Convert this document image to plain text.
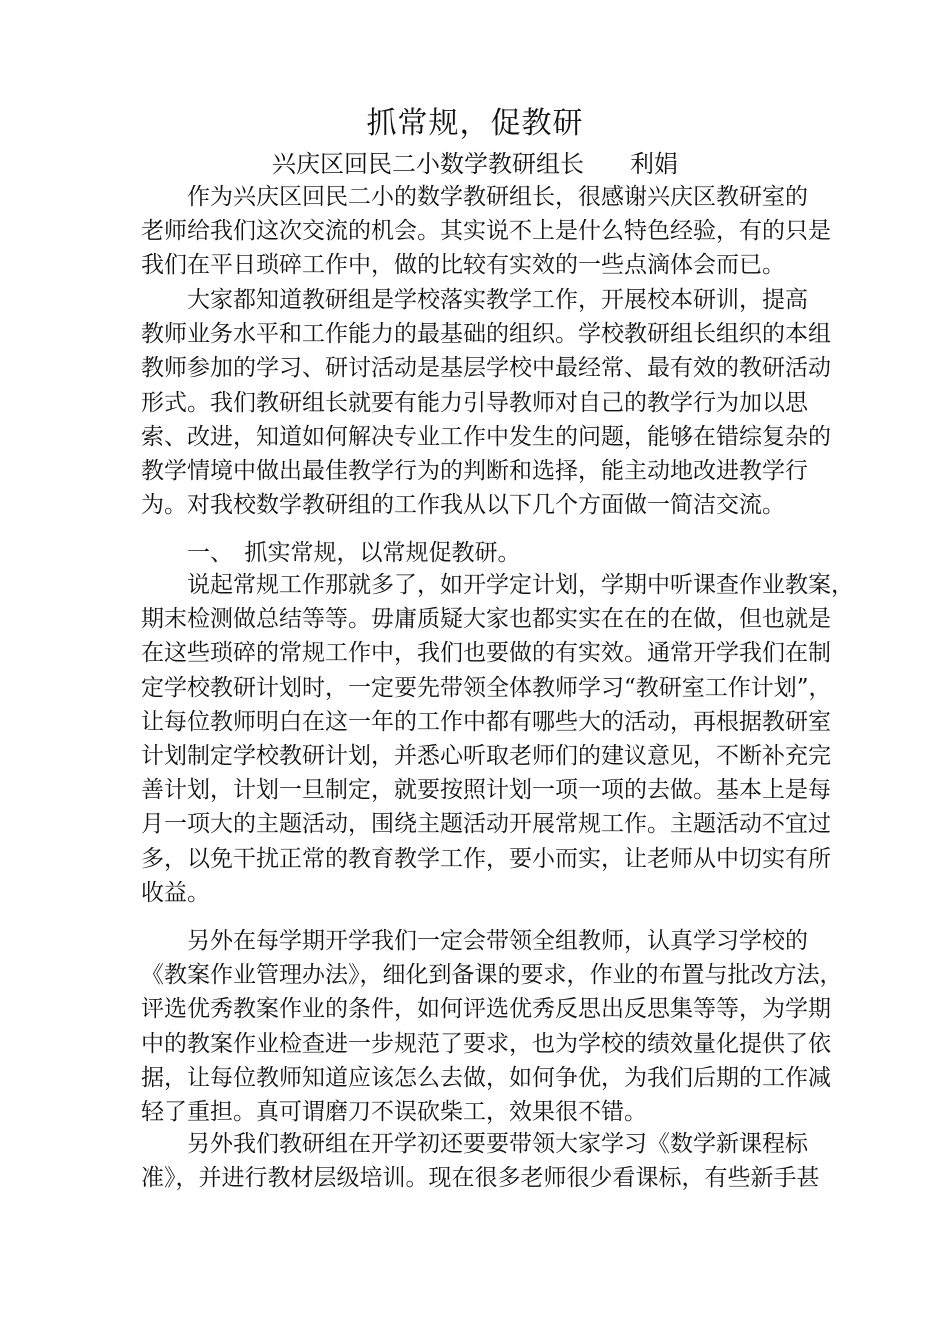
抓常规，促教研
兴庆区回民二小数学教研组长 利娟
　　作为兴庆区回民二小的数学教研组长，很感谢兴庆区教研室的
老师给我们这次交流的机会。其实说不上是什么特色经验，有的只是
我们在平日琐碎工作中，做的比较有实效的一些点滴体会而已。
　　大家都知道教研组是学校落实教学工作，开展校本研训，提高
教师业务水平和工作能力的最基础的组织。学校教研组长组织的本组
教师参加的学习、研讨活动是基层学校中最经常、最有效的教研活动
形式。我们教研组长就要有能力引导教师对自己的教学行为加以思
索、改进，知道如何解决专业工作中发生的问题，能够在错综复杂的
教学情境中做出最佳教学行为的判断和选择，能主动地改进教学行
为。对我校数学教研组的工作我从以下几个方面做一简洁交流。
　　一、　抓实常规，以常规促教研。
　　说起常规工作那就多了，如开学定计划，学期中听课查作业教案，
期末检测做总结等等。毋庸质疑大家也都实实在在的在做，但也就是
在这些琐碎的常规工作中，我们也要做的有实效。通常开学我们在制
定学校教研计划时，一定要先带领全体教师学习“教研室工作计划”，
让每位教师明白在这一年的工作中都有哪些大的活动，再根据教研室
计划制定学校教研计划，并悉心听取老师们的建议意见，不断补充完
善计划，计划一旦制定，就要按照计划一项一项的去做。基本上是每
月一项大的主题活动，围绕主题活动开展常规工作。主题活动不宜过
多，以免干扰正常的教育教学工作，要小而实，让老师从中切实有所
收益。
　　另外在每学期开学我们一定会带领全组教师，认真学习学校的
《教案作业管理办法》，细化到备课的要求，作业的布置与批改方法，
评选优秀教案作业的条件，如何评选优秀反思出反思集等等，为学期
中的教案作业检查进一步规范了要求，也为学校的绩效量化提供了依
据，让每位教师知道应该怎么去做，如何争优，为我们后期的工作减
轻了重担。真可谓磨刀不误砍柴工，效果很不错。
　　另外我们教研组在开学初还要要带领大家学习《数学新课程标
准》，并进行教材层级培训。现在很多老师很少看课标，有些新手甚
